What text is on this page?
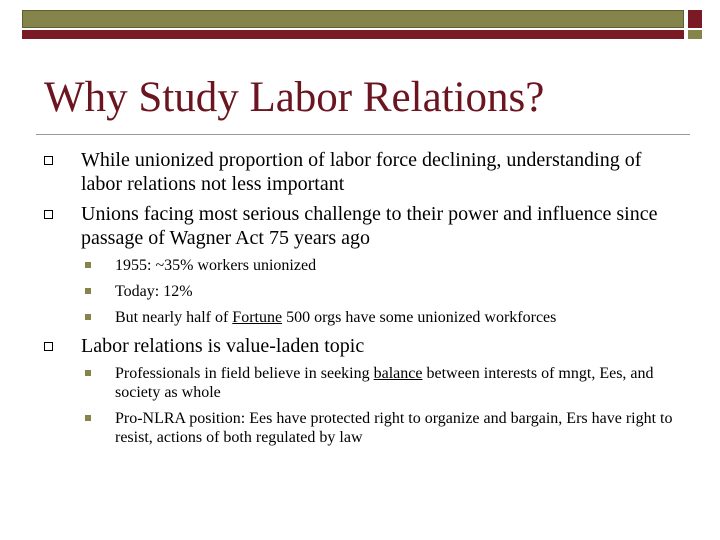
Why Study Labor Relations?
While unionized proportion of labor force declining, understanding of labor relations not less important
Unions facing most serious challenge to their power and influence since passage of Wagner Act 75 years ago
1955: ~35% workers unionized
Today: 12%
But nearly half of Fortune 500 orgs have some unionized workforces
Labor relations is value-laden topic
Professionals in field believe in seeking balance between interests of mngt, Ees, and society as whole
Pro-NLRA position: Ees have protected right to organize and bargain, Ers have right to resist, actions of both regulated by law
